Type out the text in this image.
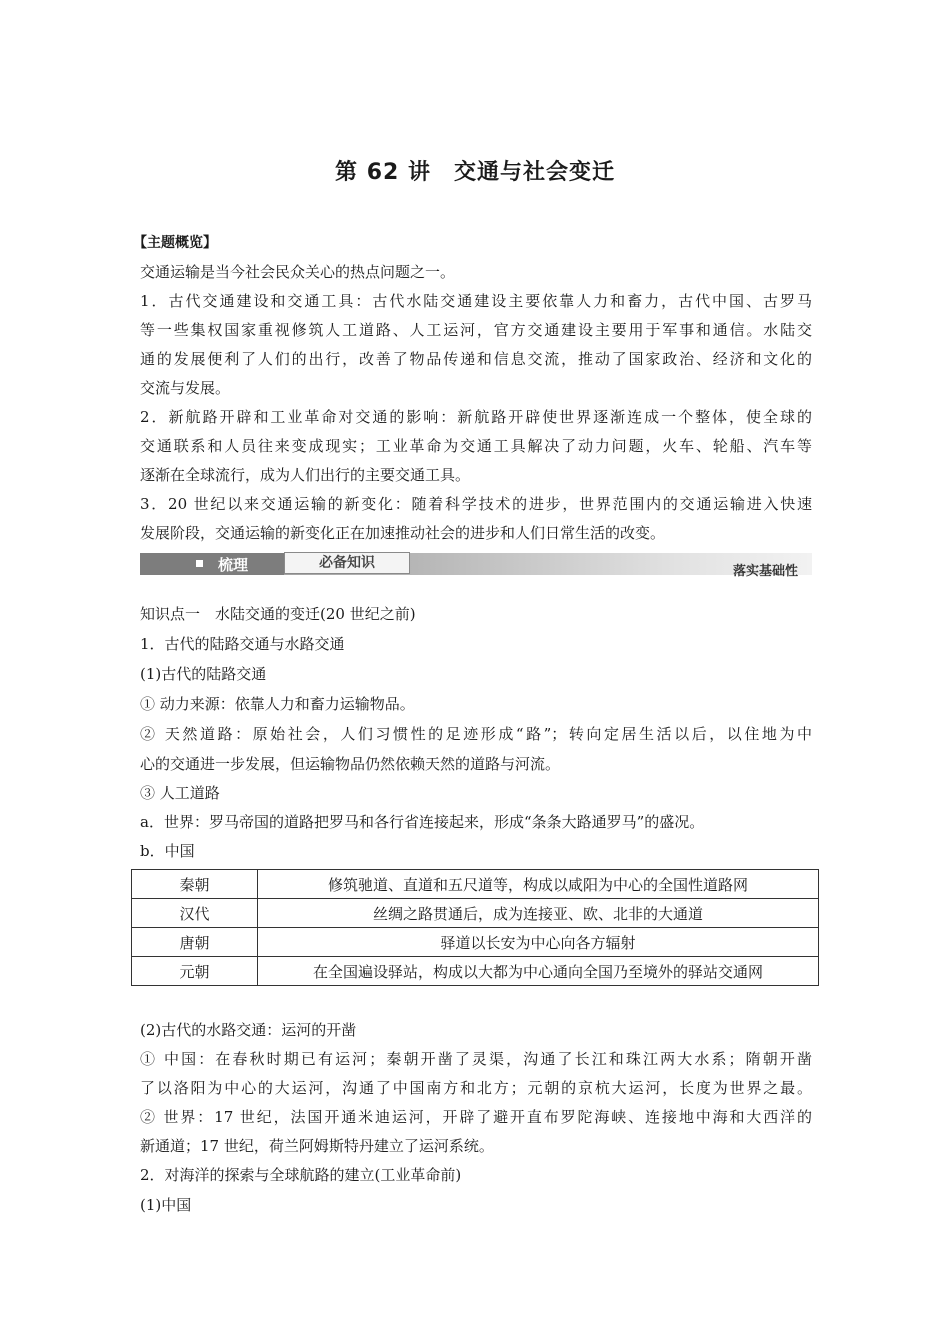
第 62 讲　交通与社会变迁
【主题概览】
交通运输是当今社会民众关心的热点问题之一。
1．古代交通建设和交通工具：古代水陆交通建设主要依靠人力和畜力，古代中国、古罗马
等一些集权国家重视修筑人工道路、人工运河，官方交通建设主要用于军事和通信。水陆交
通的发展便利了人们的出行，改善了物品传递和信息交流，推动了国家政治、经济和文化的
交流与发展。
2．新航路开辟和工业革命对交通的影响：新航路开辟使世界逐渐连成一个整体，使全球的
交通联系和人员往来变成现实；工业革命为交通工具解决了动力问题，火车、轮船、汽车等
逐渐在全球流行，成为人们出行的主要交通工具。
3．20 世纪以来交通运输的新变化：随着科学技术的进步，世界范围内的交通运输进入快速
发展阶段，交通运输的新变化正在加速推动社会的进步和人们日常生活的改变。
梳理	必备知识
落实基础性
知识点一　水陆交通的变迁(20 世纪之前)
1．古代的陆路交通与水路交通
(1)古代的陆路交通
① 动力来源：依靠人力和畜力运输物品。
② 天然道路：原始社会，人们习惯性的足迹形成“路”；转向定居生活以后，以住地为中
心的交通进一步发展，但运输物品仍然依赖天然的道路与河流。
③ 人工道路
a．世界：罗马帝国的道路把罗马和各行省连接起来，形成“条条大路通罗马”的盛况。
b．中国
秦朝	修筑驰道、直道和五尺道等，构成以咸阳为中心的全国性道路网
汉代	丝绸之路贯通后，成为连接亚、欧、北非的大通道
唐朝	驿道以长安为中心向各方辐射
元朝	在全国遍设驿站，构成以大都为中心通向全国乃至境外的驿站交通网
(2)古代的水路交通：运河的开凿
① 中国：在春秋时期已有运河；秦朝开凿了灵渠，沟通了长江和珠江两大水系；隋朝开凿
了以洛阳为中心的大运河，沟通了中国南方和北方；元朝的京杭大运河，长度为世界之最。
② 世界：17 世纪，法国开通米迪运河，开辟了避开直布罗陀海峡、连接地中海和大西洋的
新通道；17 世纪，荷兰阿姆斯特丹建立了运河系统。
2．对海洋的探索与全球航路的建立(工业革命前)
(1)中国
